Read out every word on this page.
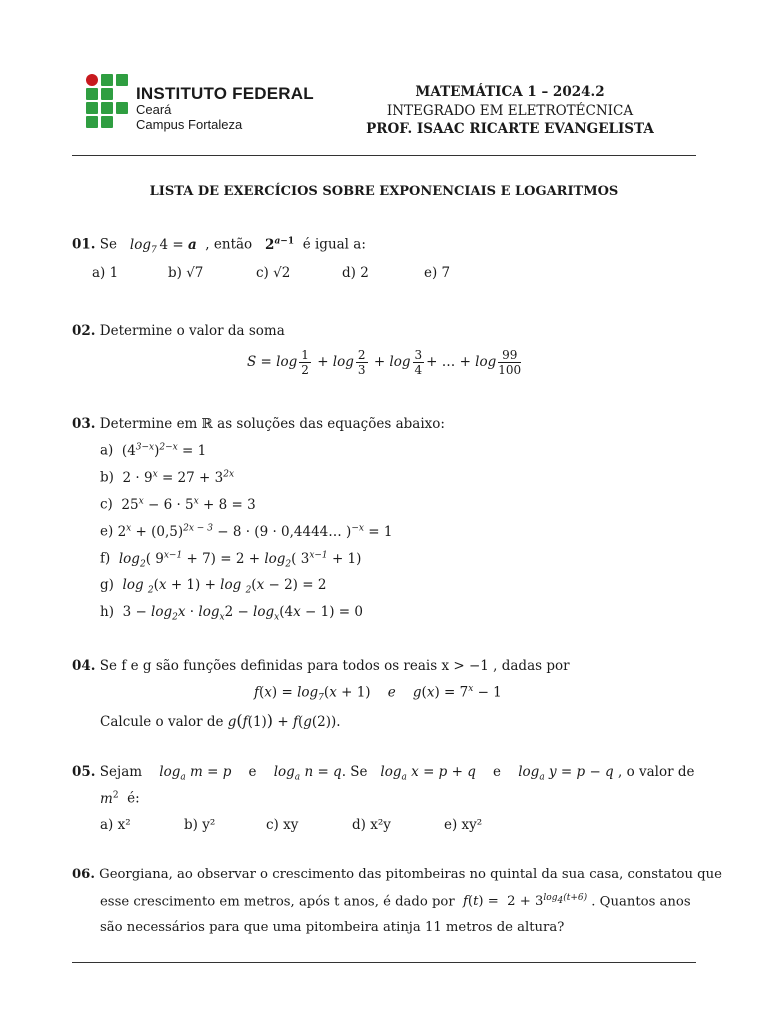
INSTITUTO FEDERAL
Ceará
Campus Fortaleza
MATEMÁTICA 1 – 2024.2
INTEGRADO EM ELETROTÉCNICA
PROF. ISAAC RICARTE EVANGELISTA
LISTA DE EXERCÍCIOS SOBRE EXPONENCIAIS E LOGARITMOS
01. Se $\log_7 4 = a$ , então $2^{a-1}$ é igual a:
a) 1	b) √7	c) √2	d) 2	e) 7
02. Determine o valor da soma
$S = \log \frac{1}{2} + \log \frac{2}{3} + \log \frac{3}{4}$ + … + $\log \frac{99}{100}$
03. Determine em ℝ as soluções das equações abaixo:
a) $(4^{3-x})^{2-x} = 1$
b) $2 \cdot 9^x = 27 + 3^{2x}$
c) $25^x - 6 \cdot 5^x + 8 = 3$
e) $2^x + (0,5)^{2x - 3} - 8 \cdot (9$ · 0,4444… )$^{-x}$ = 1
f) $\log_2$( $9^{x-1} + 7) = 2 + \log_2$( $3^{x-1} + 1$)
g) log $_2$(x + 1) + log $_2$(x − 2) = 2
h) $3 - \log_2x \cdot \log_x2 - \log_x(4x - 1) = 0$
04. Se f e g são funções definidas para todos os reais x > −1 , dadas por
$f(x) = \log_7(x + 1)$    e    $g(x) = 7^x - 1$
Calcule o valor de g(f(1)) + f(g(2)).
05. Sejam $\log_a m = p$ e $\log_a n = q$. Se $\log_a x = p + q$ e $\log_a y = p - q$ , o valor de
$m^2$ é:
a) x²	b) y²	c) xy	d) x²y	e) xy²
06. Georgiana, ao observar o crescimento das pitombeiras no quintal da sua casa, constatou que
esse crescimento em metros, após t anos, é dado por $f(t) = 2 + 3^{log_4(t+6)}$ . Quantos anos
são necessários para que uma pitombeira atinja 11 metros de altura?
